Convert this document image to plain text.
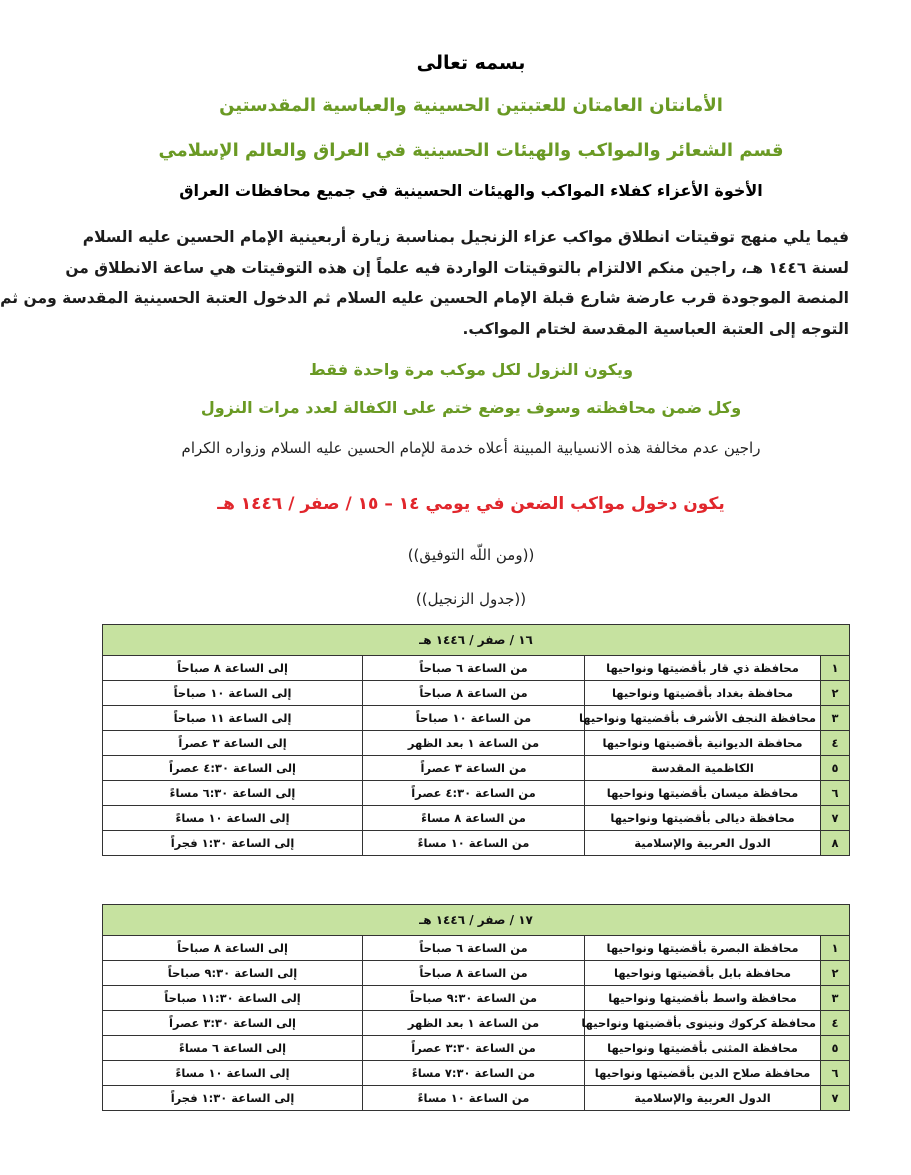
بسمه تعالى
الأمانتان العامتان للعتبتين الحسينية والعباسية المقدستين
قسم الشعائر والمواكب والهيئات الحسينية في العراق والعالم الإسلامي
الأخوة الأعزاء كفلاء المواكب والهيئات الحسينية في جميع محافظات العراق
فيما يلي منهج توقيتات انطلاق مواكب عزاء الزنجيل بمناسبة زيارة أربعينية الإمام الحسين عليه السلام
لسنة ١٤٤٦ هـ، راجين منكم الالتزام بالتوقيتات الواردة فيه علماً إن هذه التوقيتات هي ساعة الانطلاق من
المنصة الموجودة قرب عارضة شارع قبلة الإمام الحسين عليه السلام ثم الدخول العتبة الحسينية المقدسة ومن ثم
التوجه إلى العتبة العباسية المقدسة لختام المواكب.
ويكون النزول لكل موكب مرة واحدة فقط
وكل ضمن محافظته وسوف يوضع ختم على الكفالة لعدد مرات النزول
راجين عدم مخالفة هذه الانسيابية المبينة أعلاه خدمة للإمام الحسين عليه السلام وزواره الكرام
يكون دخول مواكب الضعن في يومي ١٤ – ١٥ / صفر / ١٤٤٦ هـ
((ومن اللّه التوفيق))
((جدول الزنجيل))
١٦ / صفر / ١٤٤٦ هـ			
١	محافظة ذي قار بأقضيتها ونواحيها	من الساعة ٦ صباحاً	إلى الساعة ٨ صباحاً
٢	محافظة بغداد بأقضيتها ونواحيها	من الساعة ٨ صباحاً	إلى الساعة ١٠ صباحاً
٣	محافظة النجف الأشرف بأقضيتها ونواحيها	من الساعة ١٠ صباحاً	إلى الساعة ١١ صباحاً
٤	محافظة الديوانية بأقضيتها ونواحيها	من الساعة ١ بعد الظهر	إلى الساعة ٣ عصراً
٥	الكاظمية المقدسة	من الساعة ٣ عصراً	إلى الساعة ٤:٣٠ عصراً
٦	محافظة ميسان بأقضيتها ونواحيها	من الساعة ٤:٣٠ عصراً	إلى الساعة ٦:٣٠ مساءً
٧	محافظة ديالى بأقضيتها ونواحيها	من الساعة ٨ مساءً	إلى الساعة ١٠ مساءً
٨	الدول العربية والإسلامية	من الساعة ١٠ مساءً	إلى الساعة ١:٣٠ فجراً
١٧ / صفر / ١٤٤٦ هـ			
١	محافظة البصرة بأقضيتها ونواحيها	من الساعة ٦ صباحاً	إلى الساعة ٨ صباحاً
٢	محافظة بابل بأقضيتها ونواحيها	من الساعة ٨ صباحاً	إلى الساعة ٩:٣٠ صباحاً
٣	محافظة واسط بأقضيتها ونواحيها	من الساعة ٩:٣٠ صباحاً	إلى الساعة ١١:٣٠ صباحاً
٤	محافظة كركوك ونينوى بأقضيتها ونواحيها	من الساعة ١ بعد الظهر	إلى الساعة ٣:٣٠ عصراً
٥	محافظة المثنى بأقضيتها ونواحيها	من الساعة ٣:٣٠ عصراً	إلى الساعة ٦ مساءً
٦	محافظة صلاح الدين بأقضيتها ونواحيها	من الساعة ٧:٣٠ مساءً	إلى الساعة ١٠ مساءً
٧	الدول العربية والإسلامية	من الساعة ١٠ مساءً	إلى الساعة ١:٣٠ فجراً
